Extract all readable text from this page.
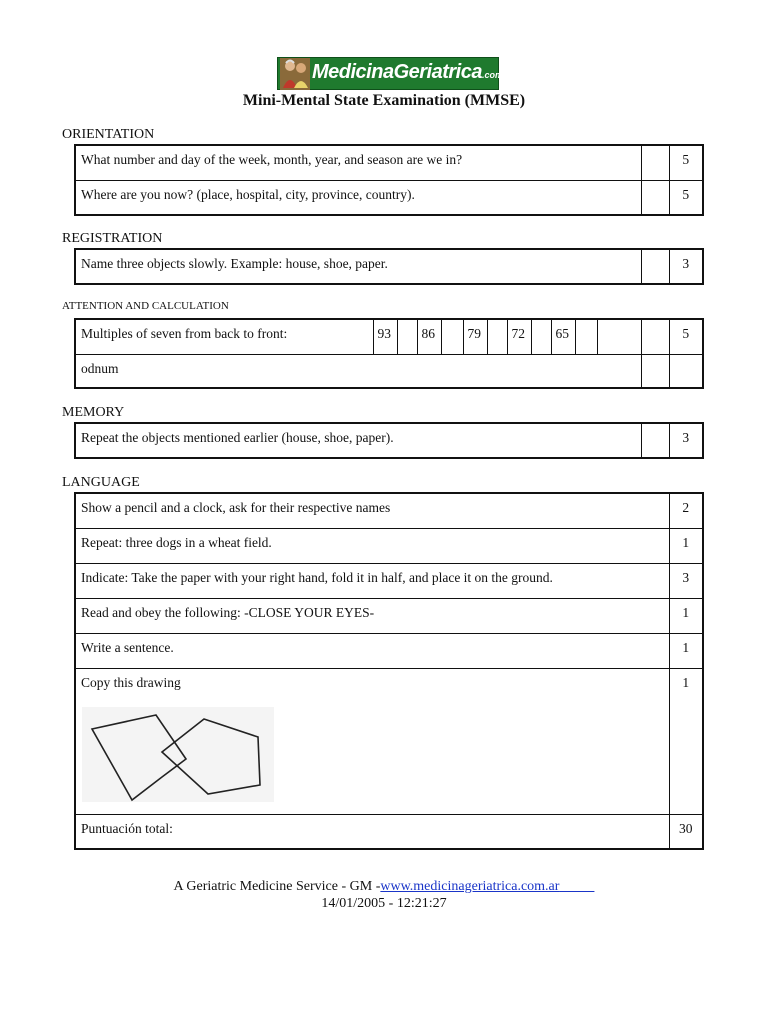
MedicinaGeriatrica.com.ar
Mini-Mental State Examination (MMSE)
ORIENTATION
What number and day of the week, month, year, and season are we in?		5
Where are you now? (place, hospital, city, province, country).		5
REGISTRATION
Name three objects slowly. Example: house, shoe, paper.		3
ATTENTION AND CALCULATION
Multiples of seven from back to front:	93		86		79		72		65				5
odnum													
MEMORY
Repeat the objects mentioned earlier (house, shoe, paper).		3
LANGUAGE
Show a pencil and a clock, ask for their respective names	2
Repeat: three dogs in a wheat field.	1
Indicate: Take the paper with your right hand, fold it in half, and place it on the ground.	3
Read and obey the following: -CLOSE YOUR EYES-	1
Write a sentence.	1
Copy this drawing	1
Puntuación total:	30
A Geriatric Medicine Service - GM -www.medicinageriatrica.com.ar
14/01/2005 - 12:21:27
